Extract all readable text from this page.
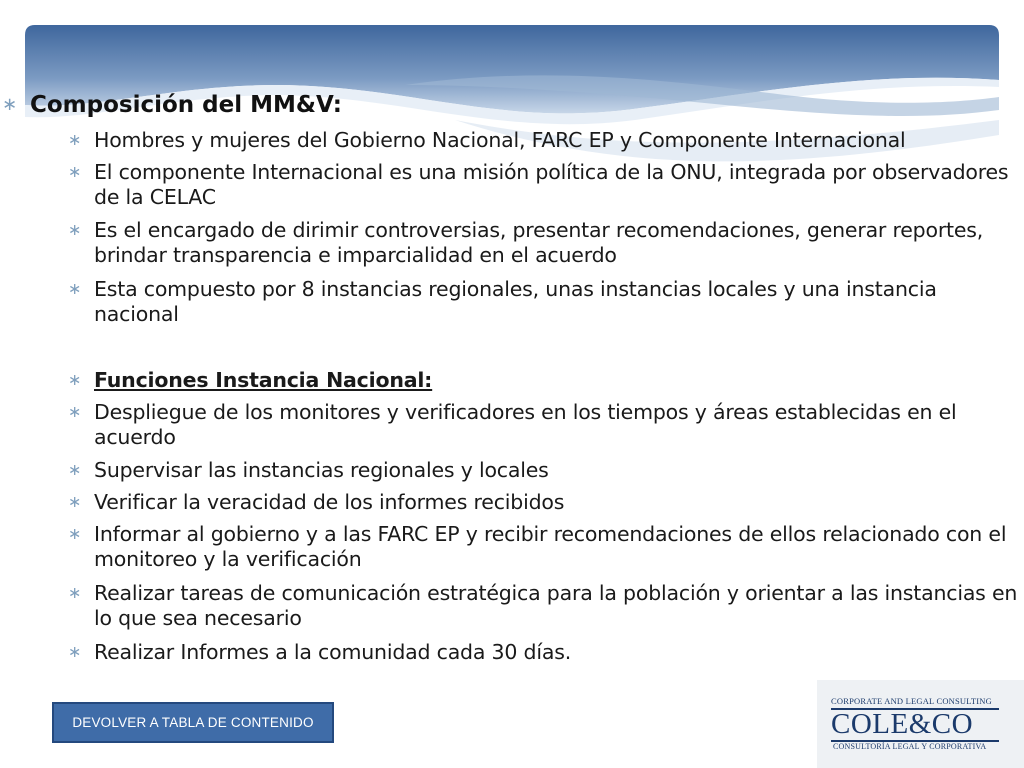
∗ Composición del MM&V:
∗ Hombres y mujeres del Gobierno Nacional, FARC EP y Componente Internacional
∗ El componente Internacional es una misión política de la ONU, integrada por observadores de la CELAC
∗ Es el encargado de dirimir controversias, presentar recomendaciones, generar reportes, brindar transparencia e imparcialidad en el acuerdo
∗ Esta compuesto por 8 instancias regionales, unas instancias locales y una instancia nacional
∗ Funciones Instancia Nacional:
∗ Despliegue de los monitores y verificadores en los tiempos y áreas establecidas en el acuerdo
∗ Supervisar las instancias regionales y locales
∗ Verificar la veracidad de los informes recibidos
∗ Informar al gobierno y a las FARC EP y recibir recomendaciones de ellos relacionado con el monitoreo y la verificación
∗ Realizar tareas de comunicación estratégica para la población y orientar a las instancias en lo que sea necesario
∗ Realizar Informes a la comunidad cada 30 días.
DEVOLVER A TABLA DE CONTENIDO
CORPORATE AND LEGAL CONSULTING
COLE&CO
CONSULTORÍA LEGAL Y CORPORATIVA
